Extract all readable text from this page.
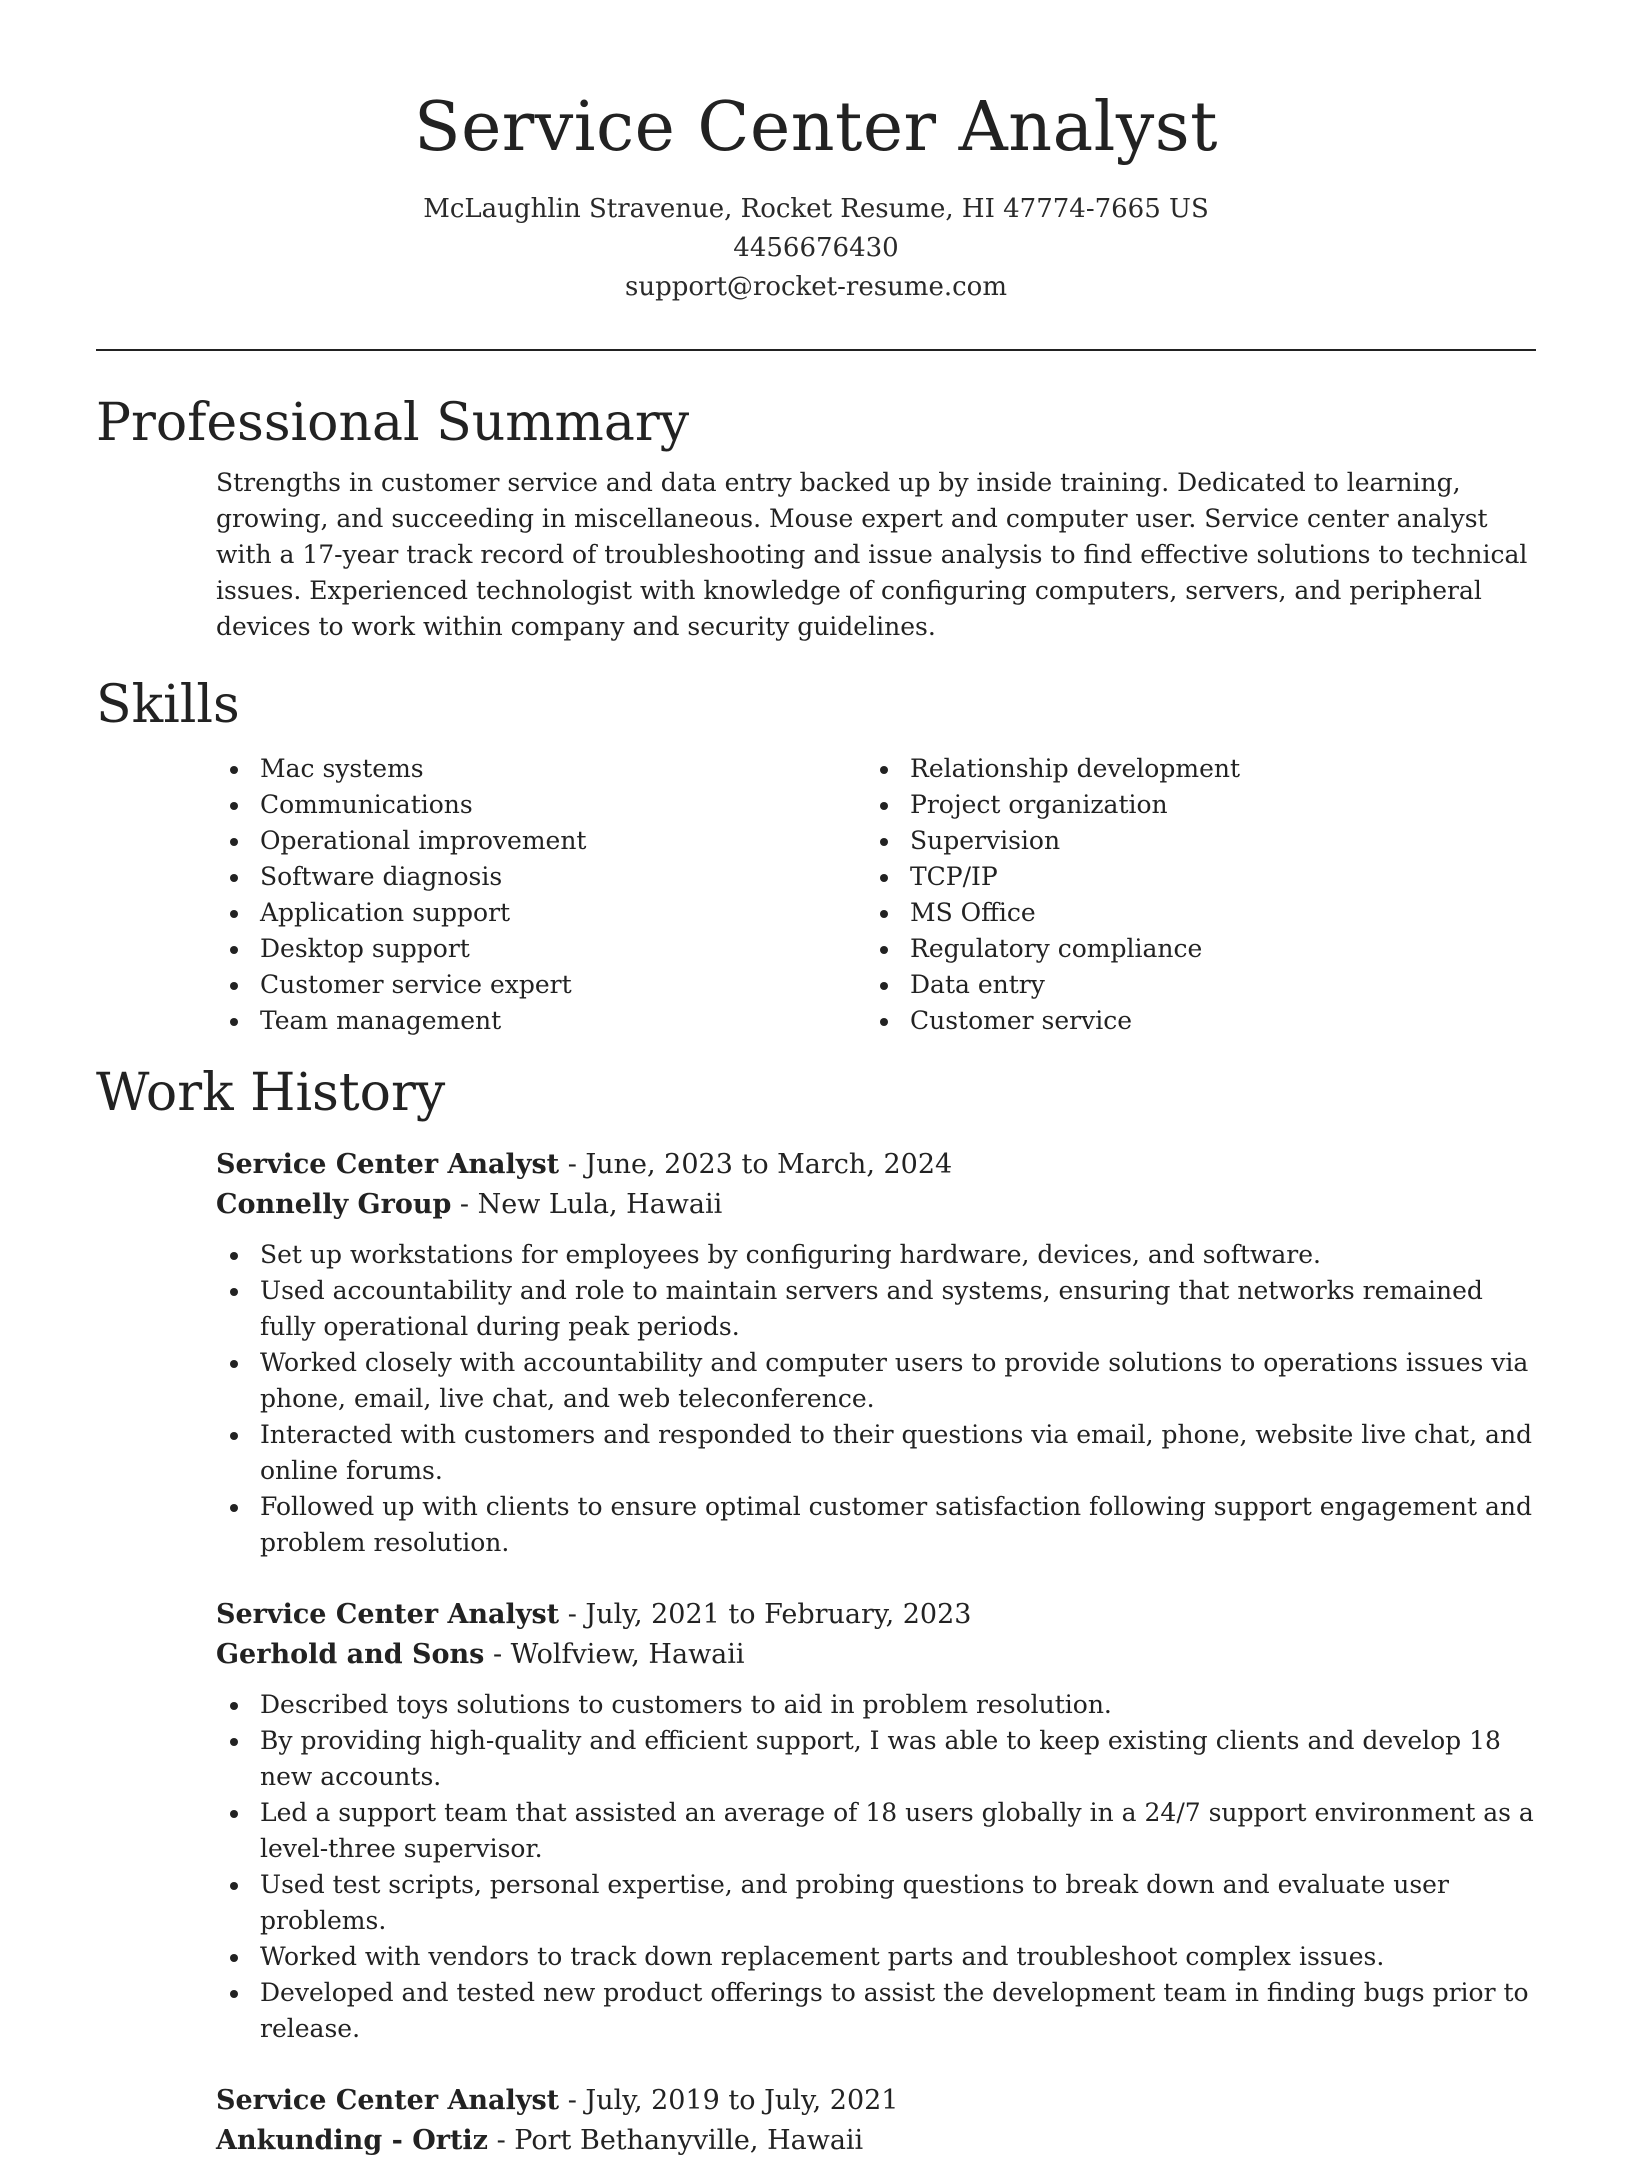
Service Center Analyst
McLaughlin Stravenue, Rocket Resume, HI 47774-7665 US
4456676430
support@rocket-resume.com
Professional Summary

Strengths in customer service and data entry backed up by inside training. Dedicated to learning, growing, and succeeding in miscellaneous. Mouse expert and computer user. Service center analyst with a 17-year track record of troubleshooting and issue analysis to find effective solutions to technical issues. Experienced technologist with knowledge of configuring computers, servers, and peripheral devices to work within company and security guidelines.

Skills
Mac systems
Communications
Operational improvement
Software diagnosis
Application support
Desktop support
Customer service expert
Team management
Relationship development
Project organization
Supervision
TCP/IP
MS Office
Regulatory compliance
Data entry
Customer service
Work History
Service Center Analyst - June, 2023 to March, 2024
Connelly Group - New Lula, Hawaii
Set up workstations for employees by configuring hardware, devices, and software.
Used accountability and role to maintain servers and systems, ensuring that networks remained fully operational during peak periods.
Worked closely with accountability and computer users to provide solutions to operations issues via phone, email, live chat, and web teleconference.
Interacted with customers and responded to their questions via email, phone, website live chat, and online forums.
Followed up with clients to ensure optimal customer satisfaction following support engagement and problem resolution.
Service Center Analyst - July, 2021 to February, 2023
Gerhold and Sons - Wolfview, Hawaii
Described toys solutions to customers to aid in problem resolution.
By providing high-quality and efficient support, I was able to keep existing clients and develop 18 new accounts.
Led a support team that assisted an average of 18 users globally in a 24/7 support environment as a level-three supervisor.
Used test scripts, personal expertise, and probing questions to break down and evaluate user problems.
Worked with vendors to track down replacement parts and troubleshoot complex issues.
Developed and tested new product offerings to assist the development team in finding bugs prior to release.
Service Center Analyst - July, 2019 to July, 2021
Ankunding - Ortiz - Port Bethanyville, Hawaii
